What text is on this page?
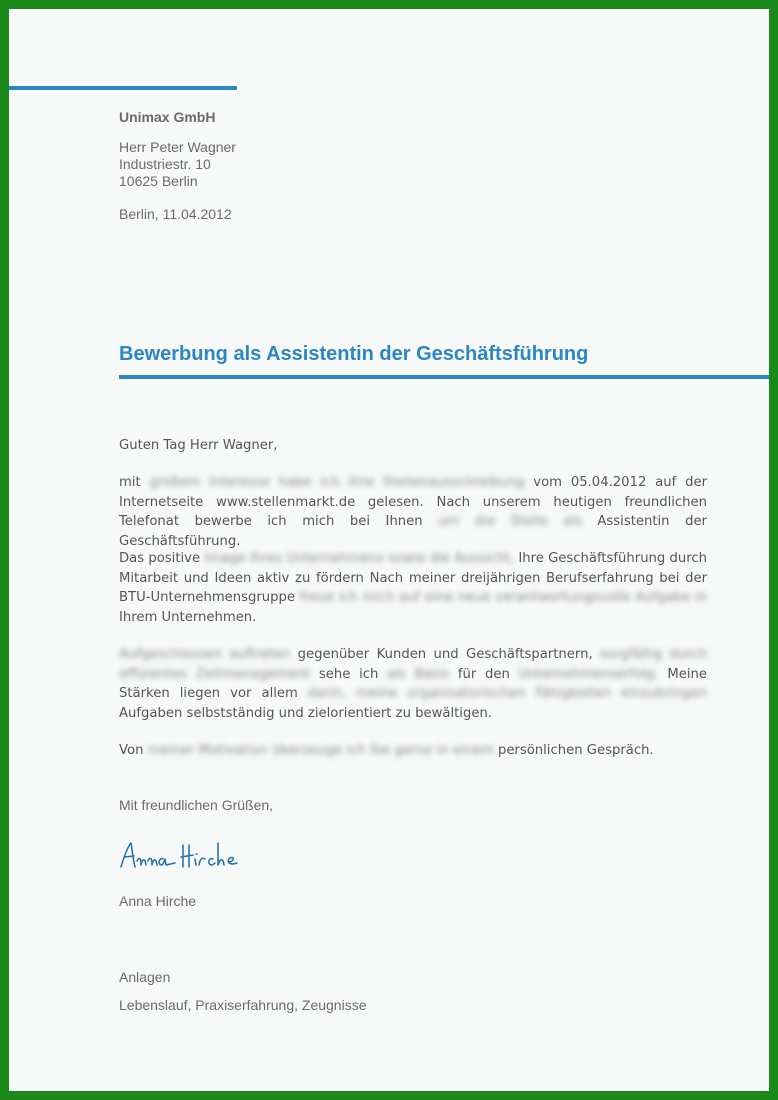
Unimax GmbH
Herr Peter Wagner
Industriestr. 10
10625 Berlin
Berlin, 11.04.2012
Bewerbung als Assistentin der Geschäftsführung

Guten Tag Herr Wagner,

mit großem Interesse habe ich Ihre Stellenausschreibung vom 05.04.2012 auf der Internetseite www.stellenmarkt.de gelesen. Nach unserem heutigen freundlichen Telefonat bewerbe ich mich bei Ihnen um die Stelle als Assistentin der Geschäftsführung.

Das positive Image Ihres Unternehmens sowie die Aussicht, Ihre Geschäftsführung durch Mitarbeit und Ideen aktiv zu fördern Nach meiner dreijährigen Berufserfahrung bei der BTU-Unternehmensgruppe freue ich mich auf eine neue verantwortungsvolle Aufgabe in Ihrem Unternehmen.

Aufgeschlossen auftreten gegenüber Kunden und Geschäftspartnern, sorgfältig durch effizientes Zeitmanagement sehe ich als Basis für den Unternehmenserfolg. Meine Stärken liegen vor allem darin, meine organisatorischen Fähigkeiten einzubringen Aufgaben selbstständig und zielorientiert zu bewältigen.

Von meiner Motivation überzeuge ich Sie gerne in einem persönlichen Gespräch.

Mit freundlichen Grüßen,
Anna Hirche
Anlagen
Lebenslauf, Praxiserfahrung, Zeugnisse
